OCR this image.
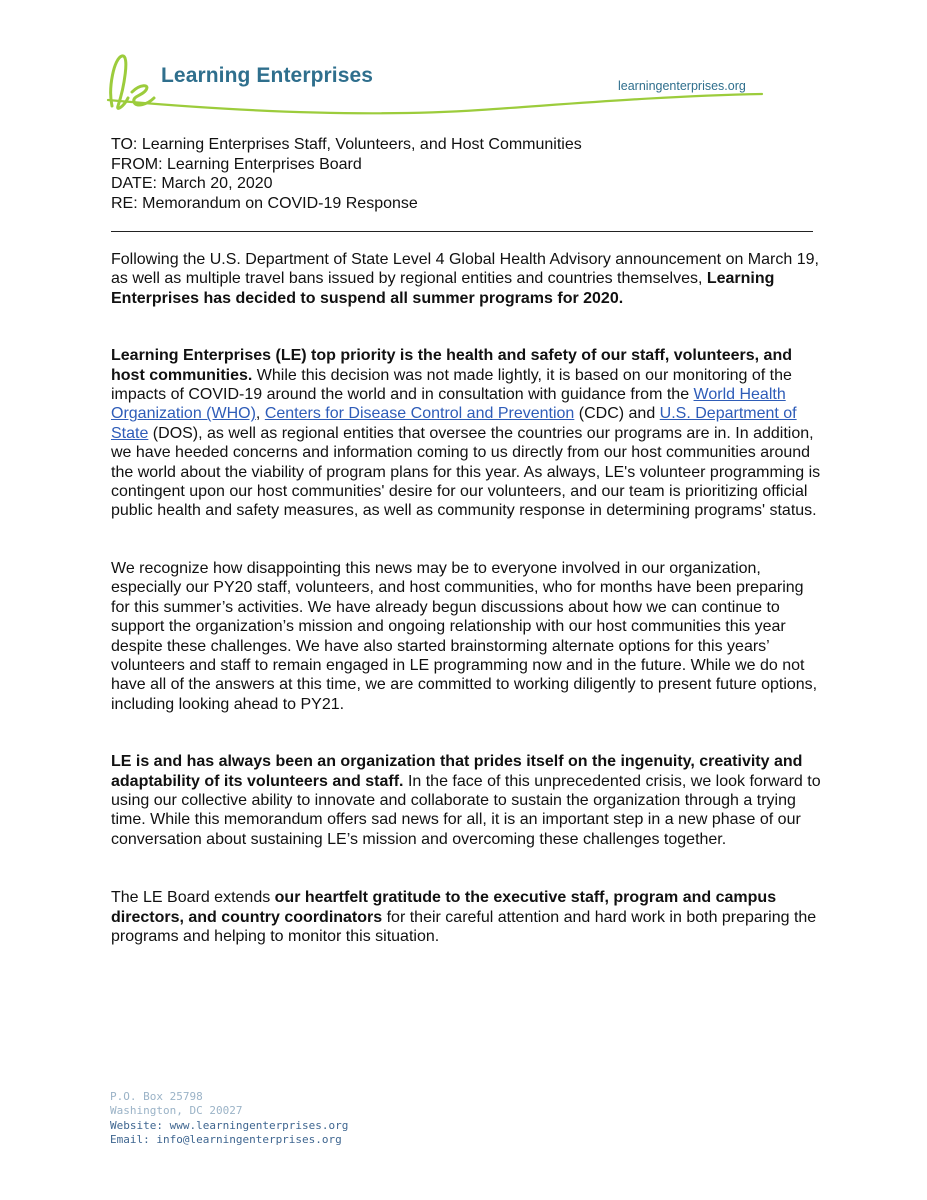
Learning Enterprises	learningenterprises.org
TO: Learning Enterprises Staff, Volunteers, and Host Communities
FROM: Learning Enterprises Board
DATE: March 20, 2020
RE: Memorandum on COVID-19 Response

Following the U.S. Department of State Level 4 Global Health Advisory announcement on March 19, as well as multiple travel bans issued by regional entities and countries themselves, Learning Enterprises has decided to suspend all summer programs for 2020.

Learning Enterprises (LE) top priority is the health and safety of our staff, volunteers, and host communities. While this decision was not made lightly, it is based on our monitoring of the impacts of COVID-19 around the world and in consultation with guidance from the World Health Organization (WHO), Centers for Disease Control and Prevention (CDC) and U.S. Department of State (DOS), as well as regional entities that oversee the countries our programs are in. In addition, we have heeded concerns and information coming to us directly from our host communities around the world about the viability of program plans for this year. As always, LE's volunteer programming is contingent upon our host communities' desire for our volunteers, and our team is prioritizing official public health and safety measures, as well as community response in determining programs' status.

We recognize how disappointing this news may be to everyone involved in our organization, especially our PY20 staff, volunteers, and host communities, who for months have been preparing for this summer’s activities. We have already begun discussions about how we can continue to support the organization’s mission and ongoing relationship with our host communities this year despite these challenges. We have also started brainstorming alternate options for this years’ volunteers and staff to remain engaged in LE programming now and in the future. While we do not have all of the answers at this time, we are committed to working diligently to present future options, including looking ahead to PY21.

LE is and has always been an organization that prides itself on the ingenuity, creativity and adaptability of its volunteers and staff. In the face of this unprecedented crisis, we look forward to using our collective ability to innovate and collaborate to sustain the organization through a trying time. While this memorandum offers sad news for all, it is an important step in a new phase of our conversation about sustaining LE’s mission and overcoming these challenges together.

The LE Board extends our heartfelt gratitude to the executive staff, program and campus directors, and country coordinators for their careful attention and hard work in both preparing the programs and helping to monitor this situation.

P.O. Box 25798
Washington, DC 20027
Website: www.learningenterprises.org
Email: info@learningenterprises.org
